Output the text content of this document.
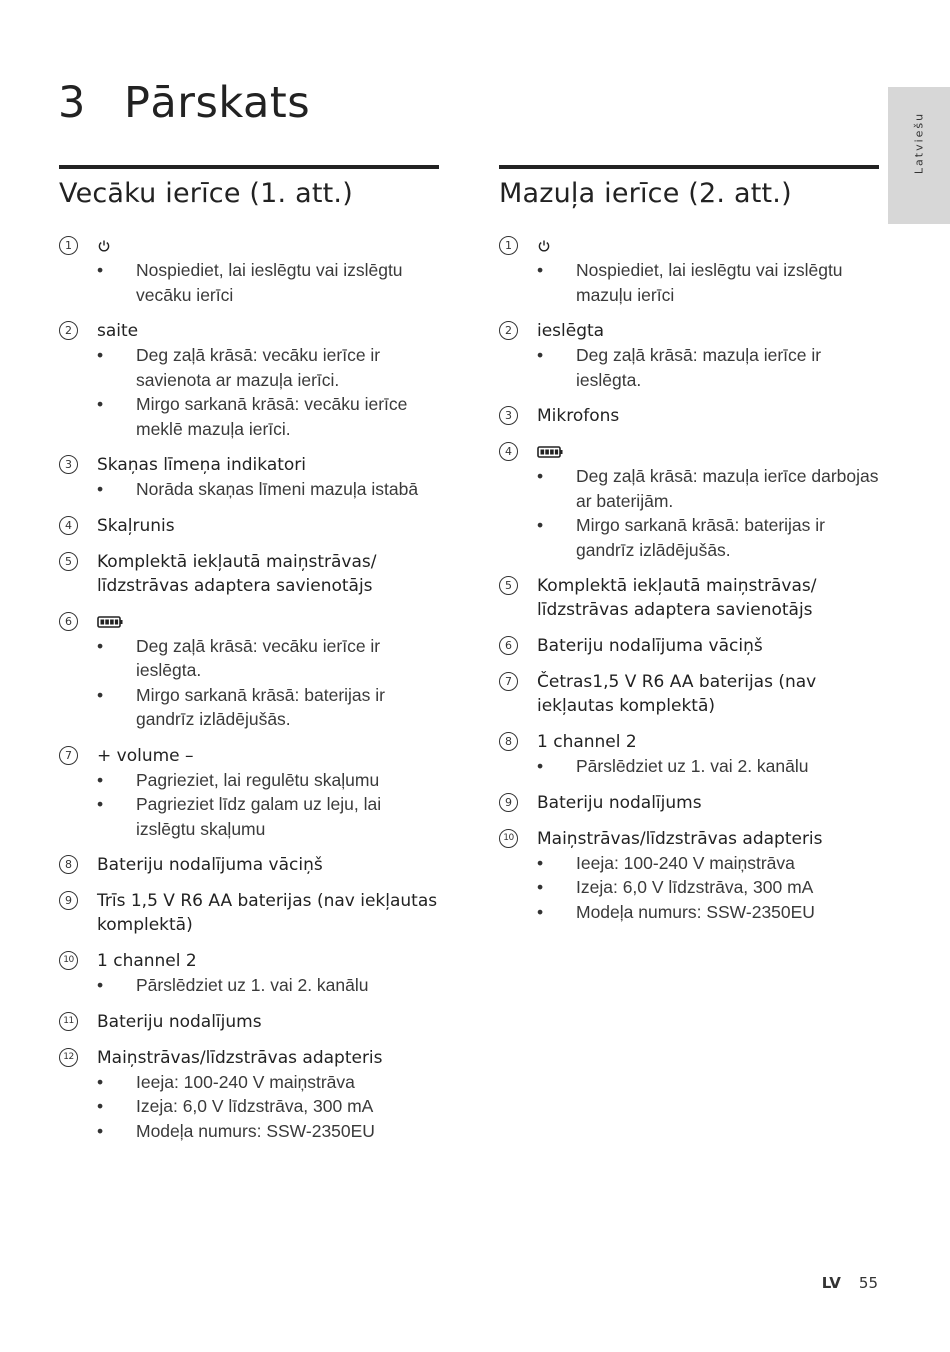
3 Pārskats
Latviešu
Vecāku ierīce (1. att.)
1
• Nospiediet, lai ieslēgtu vai izslēgtu vecāku ierīci
2	saite
• Deg zaļā krāsā: vecāku ierīce ir savienota ar mazuļa ierīci.
• Mirgo sarkanā krāsā: vecāku ierīce meklē mazuļa ierīci.
3	Skaņas līmeņa indikatori
• Norāda skaņas līmeni mazuļa istabā
4	Skaļrunis
5	Komplektā iekļautā maiņstrāvas/ līdzstrāvas adaptera savienotājs
6
• Deg zaļā krāsā: vecāku ierīce ir ieslēgta.
• Mirgo sarkanā krāsā: baterijas ir gandrīz izlādējušās.
7	+ volume –
• Pagrieziet, lai regulētu skaļumu
• Pagrieziet līdz galam uz leju, lai izslēgtu skaļumu
8	Bateriju nodalījuma vāciņš
9	Trīs 1,5 V R6 AA baterijas (nav iekļautas komplektā)
10 1 channel 2
• Pārslēdziet uz 1. vai 2. kanālu
11 Bateriju nodalījums
12 Maiņstrāvas/līdzstrāvas adapteris
• Ieeja: 100-240 V maiņstrāva
• Izeja: 6,0 V līdzstrāva, 300 mA
• Modeļa numurs: SSW-2350EU
Mazuļa ierīce (2. att.)
1
• Nospiediet, lai ieslēgtu vai izslēgtu mazuļu ierīci
2	ieslēgta
• Deg zaļā krāsā: mazuļa ierīce ir ieslēgta.
3	Mikrofons
4
• Deg zaļā krāsā: mazuļa ierīce darbojas ar baterijām.
• Mirgo sarkanā krāsā: baterijas ir gandrīz izlādējušās.
5	Komplektā iekļautā maiņstrāvas/ līdzstrāvas adaptera savienotājs
6	Bateriju nodalījuma vāciņš
7	Četras1,5 V R6 AA baterijas (nav iekļautas komplektā)
8	1 channel 2
• Pārslēdziet uz 1. vai 2. kanālu
9	Bateriju nodalījums
10 Maiņstrāvas/līdzstrāvas adapteris
• Ieeja: 100-240 V maiņstrāva
• Izeja: 6,0 V līdzstrāva, 300 mA
• Modeļa numurs: SSW-2350EU
LV 55
